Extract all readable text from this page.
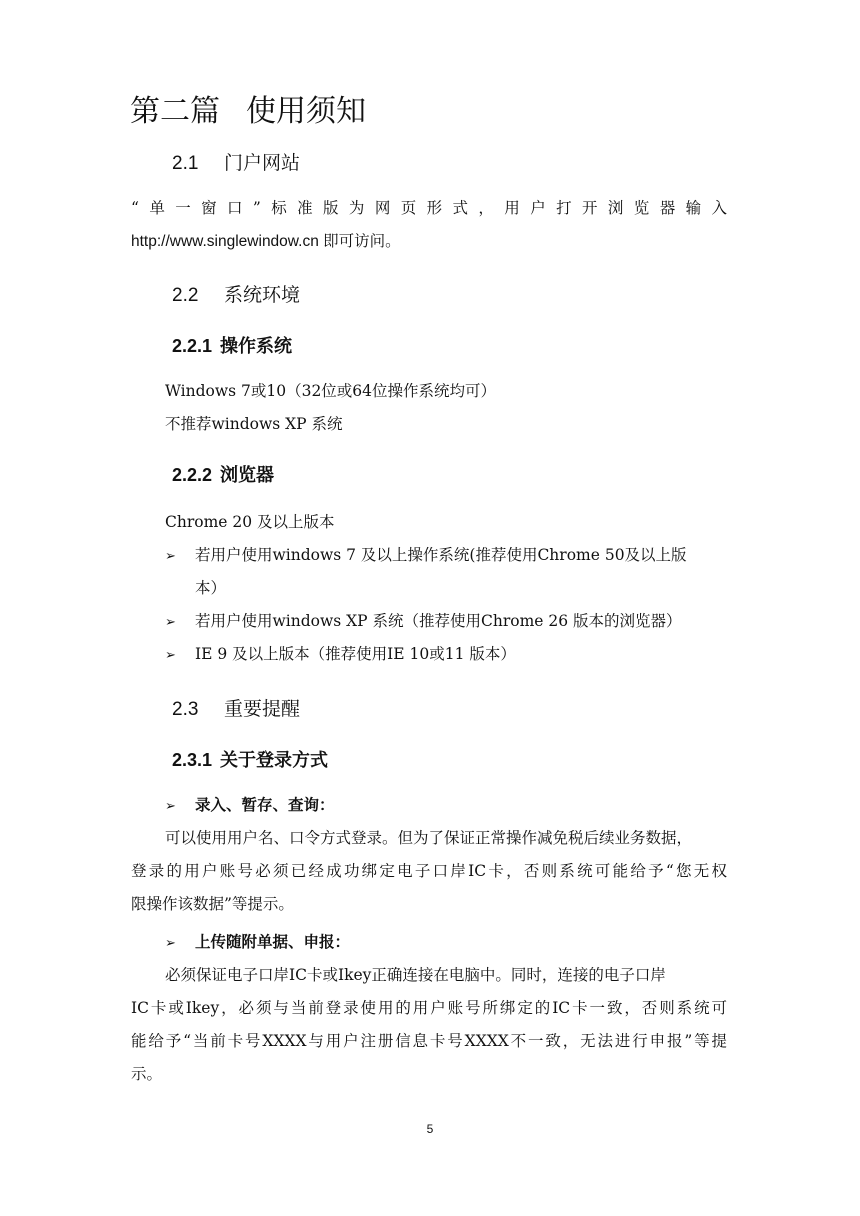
第二篇 使用须知
2.1 门户网站
“单一窗口”标准版为网页形式，用户打开浏览器输入
http://www.singlewindow.cn 即可访问。
2.2 系统环境
2.2.1 操作系统
Windows 7或10（32位或64位操作系统均可）
不推荐windows XP 系统
2.2.2 浏览器
Chrome 20 及以上版本
➢ 若用户使用windows 7 及以上操作系统(推荐使用Chrome 50及以上版
本）
➢ 若用户使用windows XP 系统（推荐使用Chrome 26 版本的浏览器）
➢ IE 9 及以上版本（推荐使用IE 10或11 版本）
2.3 重要提醒
2.3.1 关于登录方式
➢ 录入、暂存、查询：
可以使用用户名、口令方式登录。但为了保证正常操作减免税后续业务数据，
登录的用户账号必须已经成功绑定电子口岸IC卡，否则系统可能给予“您无权
限操作该数据”等提示。
➢ 上传随附单据、申报：
必须保证电子口岸IC卡或Ikey正确连接在电脑中。同时，连接的电子口岸
IC卡或Ikey，必须与当前登录使用的用户账号所绑定的IC卡一致，否则系统可
能给予“当前卡号XXXX与用户注册信息卡号XXXX不一致，无法进行申报”等提
示。
5
